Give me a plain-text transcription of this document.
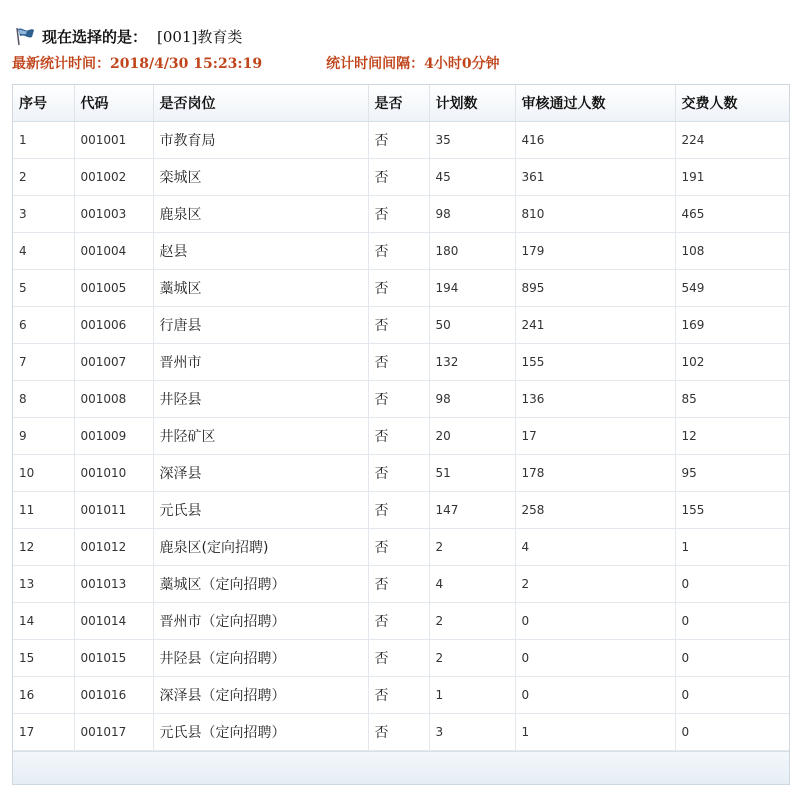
现在选择的是： [001]教育类
最新统计时间：2018/4/30 15:23:19	统计时间间隔：4小时0分钟
序号	代码	是否岗位	是否	计划数	审核通过人数	交费人数
1	001001	市教育局	否	35	416	224
2	001002	栾城区	否	45	361	191
3	001003	鹿泉区	否	98	810	465
4	001004	赵县	否	180	179	108
5	001005	藁城区	否	194	895	549
6	001006	行唐县	否	50	241	169
7	001007	晋州市	否	132	155	102
8	001008	井陉县	否	98	136	85
9	001009	井陉矿区	否	20	17	12
10	001010	深泽县	否	51	178	95
11	001011	元氏县	否	147	258	155
12	001012	鹿泉区(定向招聘)	否	2	4	1
13	001013	藁城区（定向招聘）	否	4	2	0
14	001014	晋州市（定向招聘）	否	2	0	0
15	001015	井陉县（定向招聘）	否	2	0	0
16	001016	深泽县（定向招聘）	否	1	0	0
17	001017	元氏县（定向招聘）	否	3	1	0
